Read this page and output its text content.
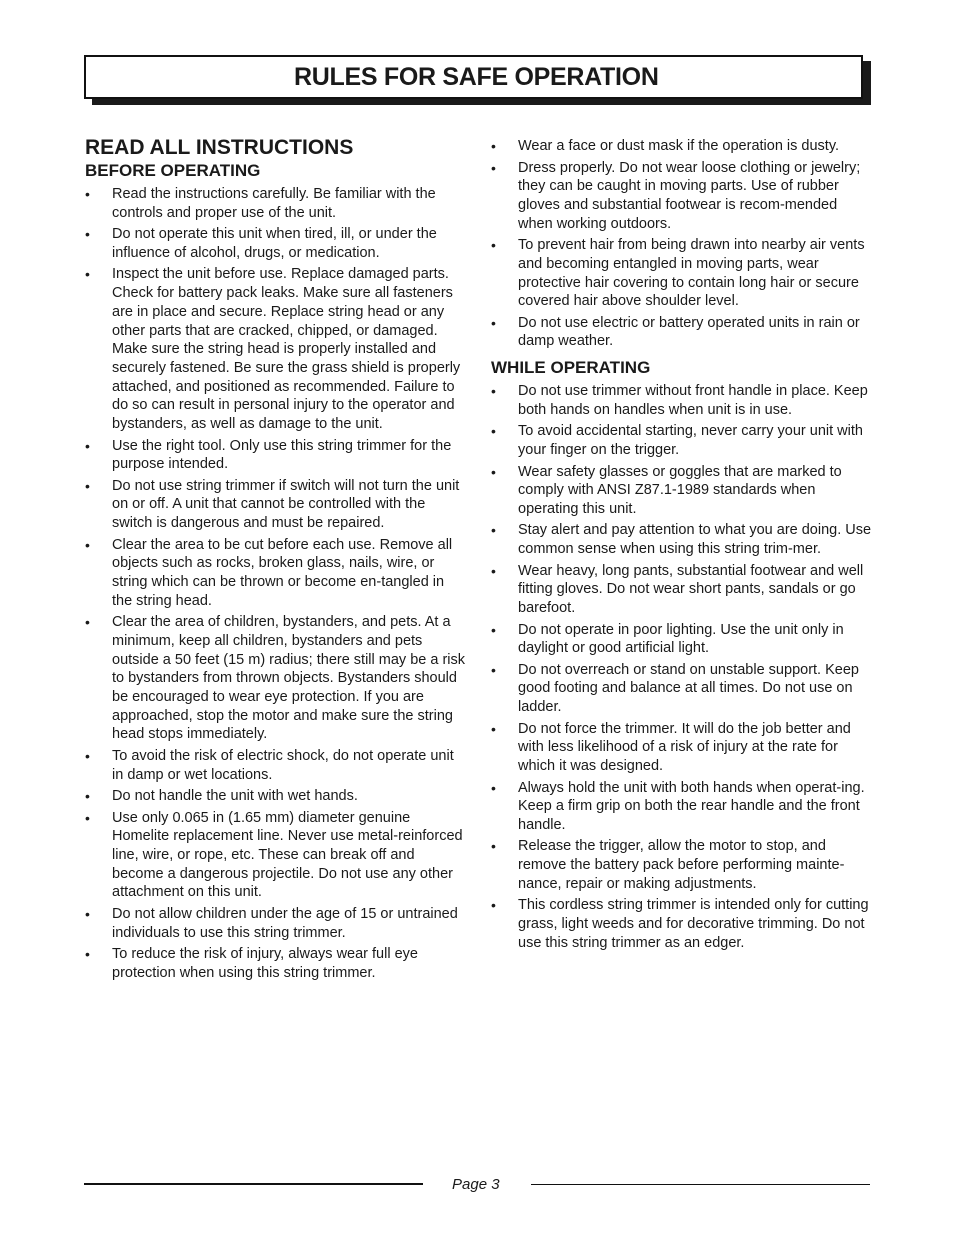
RULES FOR SAFE OPERATION
READ ALL INSTRUCTIONS
BEFORE OPERATING
• Read the instructions carefully. Be familiar with the controls and proper use of the unit.
• Do not operate this unit when tired, ill, or under the influence of alcohol, drugs, or medication.
• Inspect the unit before use. Replace damaged parts. Check for battery pack leaks. Make sure all fasteners are in place and secure. Replace string head or any other parts that are cracked, chipped, or damaged. Make sure the string head is properly installed and securely fastened. Be sure the grass shield is properly attached, and positioned as recommended. Failure to do so can result in personal injury to the operator and bystanders, as well as damage to the unit.
• Use the right tool. Only use this string trimmer for the purpose intended.
• Do not use string trimmer if switch will not turn the unit on or off. A unit that cannot be controlled with the switch is dangerous and must be repaired.
• Clear the area to be cut before each use. Remove all objects such as rocks, broken glass, nails, wire, or string which can be thrown or become en-tangled in the string head.
• Clear the area of children, bystanders, and pets. At a minimum, keep all children, bystanders and pets outside a 50 feet (15 m) radius; there still may be a risk to bystanders from thrown objects. Bystanders should be encouraged to wear eye protection. If you are approached, stop the motor and make sure the string head stops immediately.
• To avoid the risk of electric shock, do not operate unit in damp or wet locations.
• Do not handle the unit with wet hands.
• Use only 0.065 in (1.65 mm) diameter genuine Homelite replacement line. Never use metal-reinforced line, wire, or rope, etc. These can break off and become a dangerous projectile. Do not use any other attachment on this unit.
• Do not allow children under the age of 15 or untrained individuals to use this string trimmer.
• To reduce the risk of injury, always wear full eye protection when using this string trimmer.
• Wear a face or dust mask if the operation is dusty.
• Dress properly. Do not wear loose clothing or jewelry; they can be caught in moving parts. Use of rubber gloves and substantial footwear is recom-mended when working outdoors.
• To prevent hair from being drawn into nearby air vents and becoming entangled in moving parts, wear protective hair covering to contain long hair or secure covered hair above shoulder level.
• Do not use electric or battery operated units in rain or damp weather.
WHILE OPERATING
• Do not use trimmer without front handle in place. Keep both hands on handles when unit is in use.
• To avoid accidental starting, never carry your unit with your finger on the trigger.
• Wear safety glasses or goggles that are marked to comply with ANSI Z87.1-1989 standards when operating this unit.
• Stay alert and pay attention to what you are doing. Use common sense when using this string trim-mer.
• Wear heavy, long pants, substantial footwear and well fitting gloves. Do not wear short pants, sandals or go barefoot.
• Do not operate in poor lighting. Use the unit only in daylight or good artificial light.
• Do not overreach or stand on unstable support. Keep good footing and balance at all times. Do not use on ladder.
• Do not force the trimmer. It will do the job better and with less likelihood of a risk of injury at the rate for which it was designed.
• Always hold the unit with both hands when operat-ing. Keep a firm grip on both the rear handle and the front handle.
• Release the trigger, allow the motor to stop, and remove the battery pack before performing mainte-nance, repair or making adjustments.
• This cordless string trimmer is intended only for cutting grass, light weeds and for decorative trimming. Do not use this string trimmer as an edger.
Page 3
